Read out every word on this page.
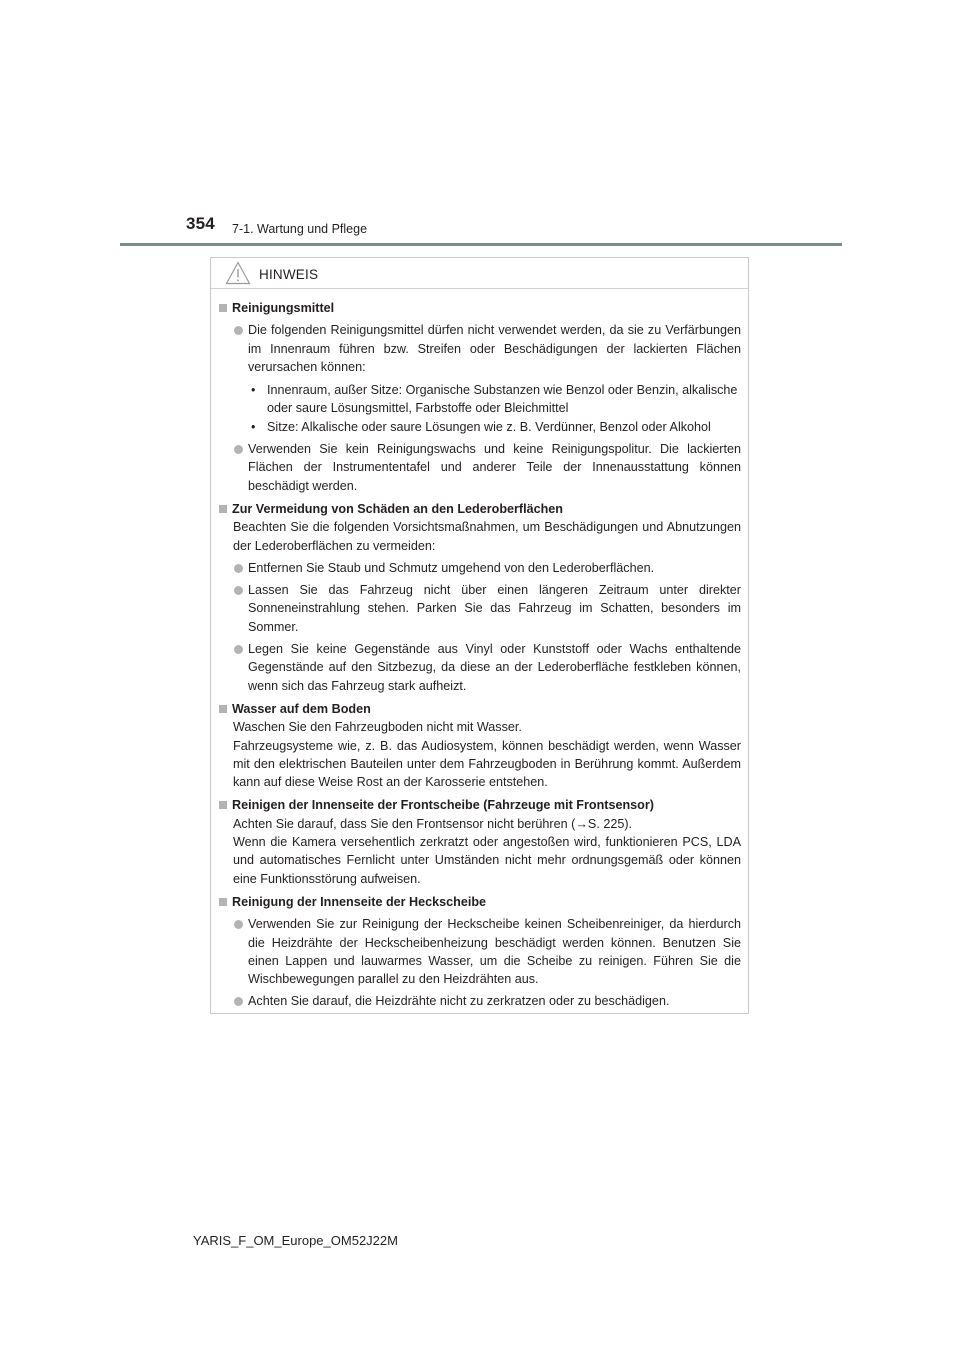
354 7-1. Wartung und Pflege
HINWEIS
Reinigungsmittel
Die folgenden Reinigungsmittel dürfen nicht verwendet werden, da sie zu Verfärbungen im Innenraum führen bzw. Streifen oder Beschädigungen der lackierten Flächen verursachen können:
• Innenraum, außer Sitze: Organische Substanzen wie Benzol oder Benzin, alkalische oder saure Lösungsmittel, Farbstoffe oder Bleichmittel
• Sitze: Alkalische oder saure Lösungen wie z. B. Verdünner, Benzol oder Alkohol
Verwenden Sie kein Reinigungswachs und keine Reinigungspolitur. Die lackierten Flächen der Instrumententafel und anderer Teile der Innenausstattung können beschädigt werden.
Zur Vermeidung von Schäden an den Lederoberflächen
Beachten Sie die folgenden Vorsichtsmaßnahmen, um Beschädigungen und Abnutzungen der Lederoberflächen zu vermeiden:
Entfernen Sie Staub und Schmutz umgehend von den Lederoberflächen.
Lassen Sie das Fahrzeug nicht über einen längeren Zeitraum unter direkter Sonneneinstrahlung stehen. Parken Sie das Fahrzeug im Schatten, besonders im Sommer.
Legen Sie keine Gegenstände aus Vinyl oder Kunststoff oder Wachs enthaltende Gegenstände auf den Sitzbezug, da diese an der Lederoberfläche festkleben können, wenn sich das Fahrzeug stark aufheizt.
Wasser auf dem Boden
Waschen Sie den Fahrzeugboden nicht mit Wasser.
Fahrzeugsysteme wie, z. B. das Audiosystem, können beschädigt werden, wenn Wasser mit den elektrischen Bauteilen unter dem Fahrzeugboden in Berührung kommt. Außerdem kann auf diese Weise Rost an der Karosserie entstehen.
Reinigen der Innenseite der Frontscheibe (Fahrzeuge mit Frontsensor)
Achten Sie darauf, dass Sie den Frontsensor nicht berühren (→S. 225).
Wenn die Kamera versehentlich zerkratzt oder angestoßen wird, funktionieren PCS, LDA und automatisches Fernlicht unter Umständen nicht mehr ordnungsgemäß oder können eine Funktionsstörung aufweisen.
Reinigung der Innenseite der Heckscheibe
Verwenden Sie zur Reinigung der Heckscheibe keinen Scheibenreiniger, da hierdurch die Heizdrähte der Heckscheibenheizung beschädigt werden können. Benutzen Sie einen Lappen und lauwarmes Wasser, um die Scheibe zu reinigen. Führen Sie die Wischbewegungen parallel zu den Heizdrähten aus.
Achten Sie darauf, die Heizdrähte nicht zu zerkratzen oder zu beschädigen.
YARIS_F_OM_Europe_OM52J22M
